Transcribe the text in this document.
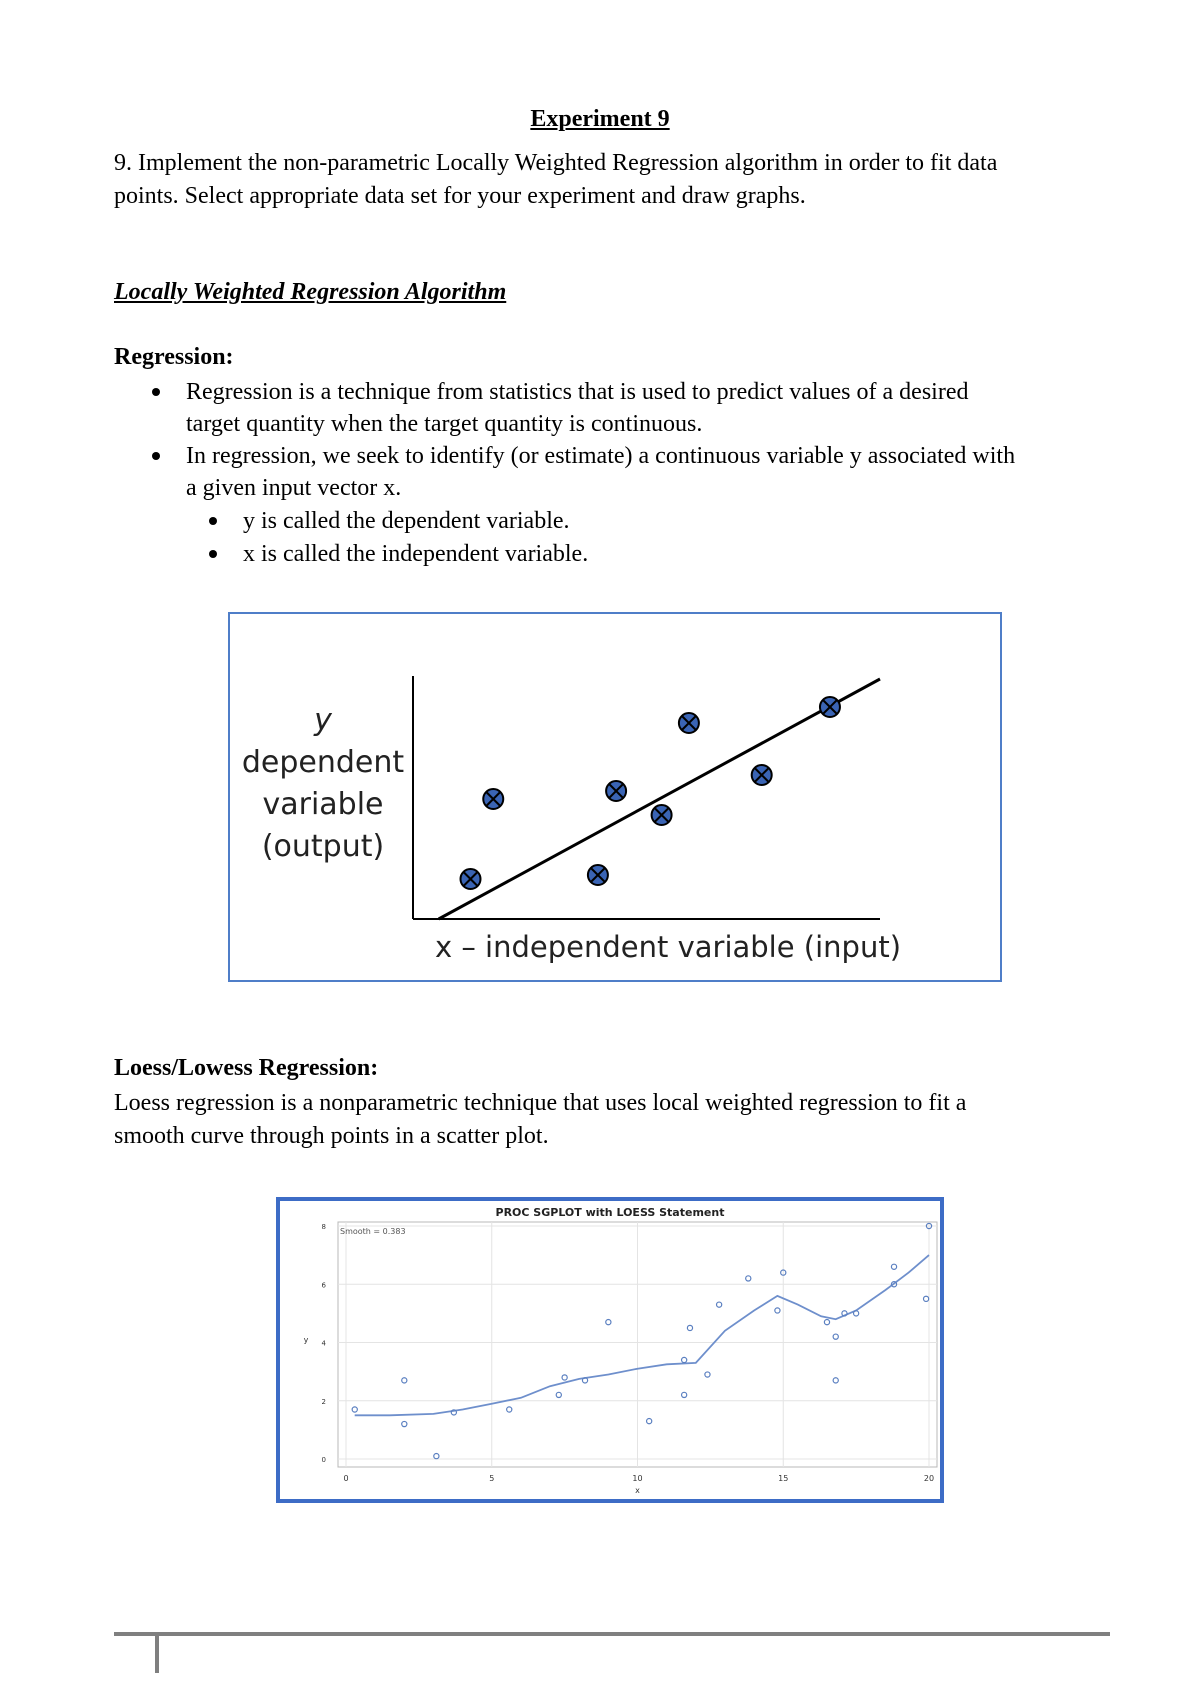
Experiment 9
9. Implement the non-parametric Locally Weighted Regression algorithm in order to fit data
points. Select appropriate data set for your experiment and draw graphs.
Locally Weighted Regression Algorithm
Regression:
Regression is a technique from statistics that is used to predict values of a desired
target quantity when the target quantity is continuous.
In regression, we seek to identify (or estimate) a continuous variable y associated with
a given input vector x.
y is called the dependent variable.
x is called the independent variable.
y
dependent
variable
(output)
x – independent variable (input)
Loess/Lowess Regression:
Loess regression is a nonparametric technique that uses local weighted regression to fit a
smooth curve through points in a scatter plot.
0	5	10	15	20
0
2
4
6
8
PROC SGPLOT with LOESS Statement
Smooth = 0.383
x
y
